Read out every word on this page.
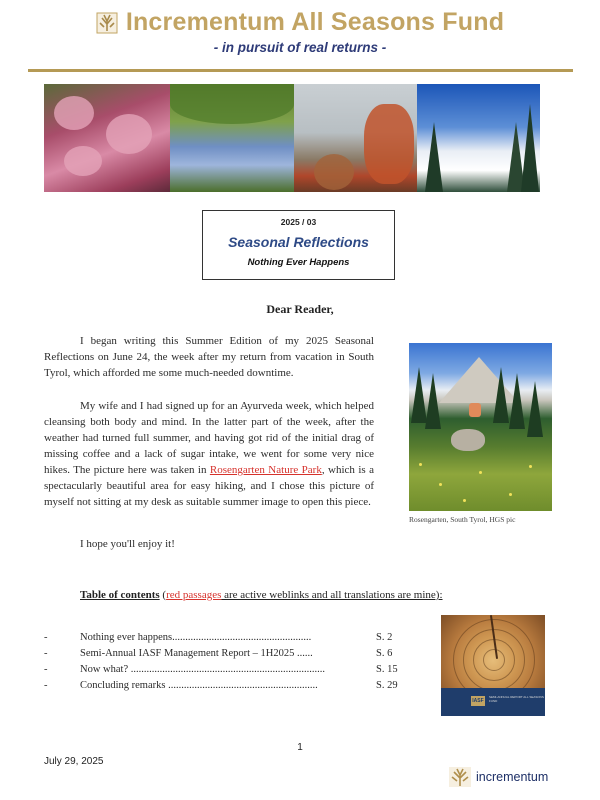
Incrementum All Seasons Fund
- in pursuit of real returns -
2025 / 03
Seasonal Reflections
Nothing Ever Happens
Dear Reader,

I began writing this Summer Edition of my 2025 Seasonal Reflections on June 24, the week after my return from vacation in South Tyrol, which afforded me some much-needed downtime.

My wife and I had signed up for an Ayurveda week, which helped cleansing both body and mind. In the latter part of the week, after the weather had turned full summer, and having got rid of the initial drag of missing coffee and a lack of sugar intake, we went for some very nice hikes. The picture here was taken in Rosengarten Nature Park, which is a spectacularly beautiful area for easy hiking, and I chose this picture of myself not sitting at my desk as suitable summer image to open this piece.

I hope you'll enjoy it!

Rosengarten, South Tyrol, HGS pic
Table of contents (red passages are active weblinks and all translations are mine):
-	Nothing ever happens.....................................................	S. 2
-	Semi-Annual IASF Management Report – 1H2025 ......	S. 6
-	Now what? ..........................................................................	S. 15
-	Concluding remarks .........................................................	S. 29
IASF
SEMI-ANNUAL REPORT ALL SEASONS FUND
1
July 29, 2025
incrementum
